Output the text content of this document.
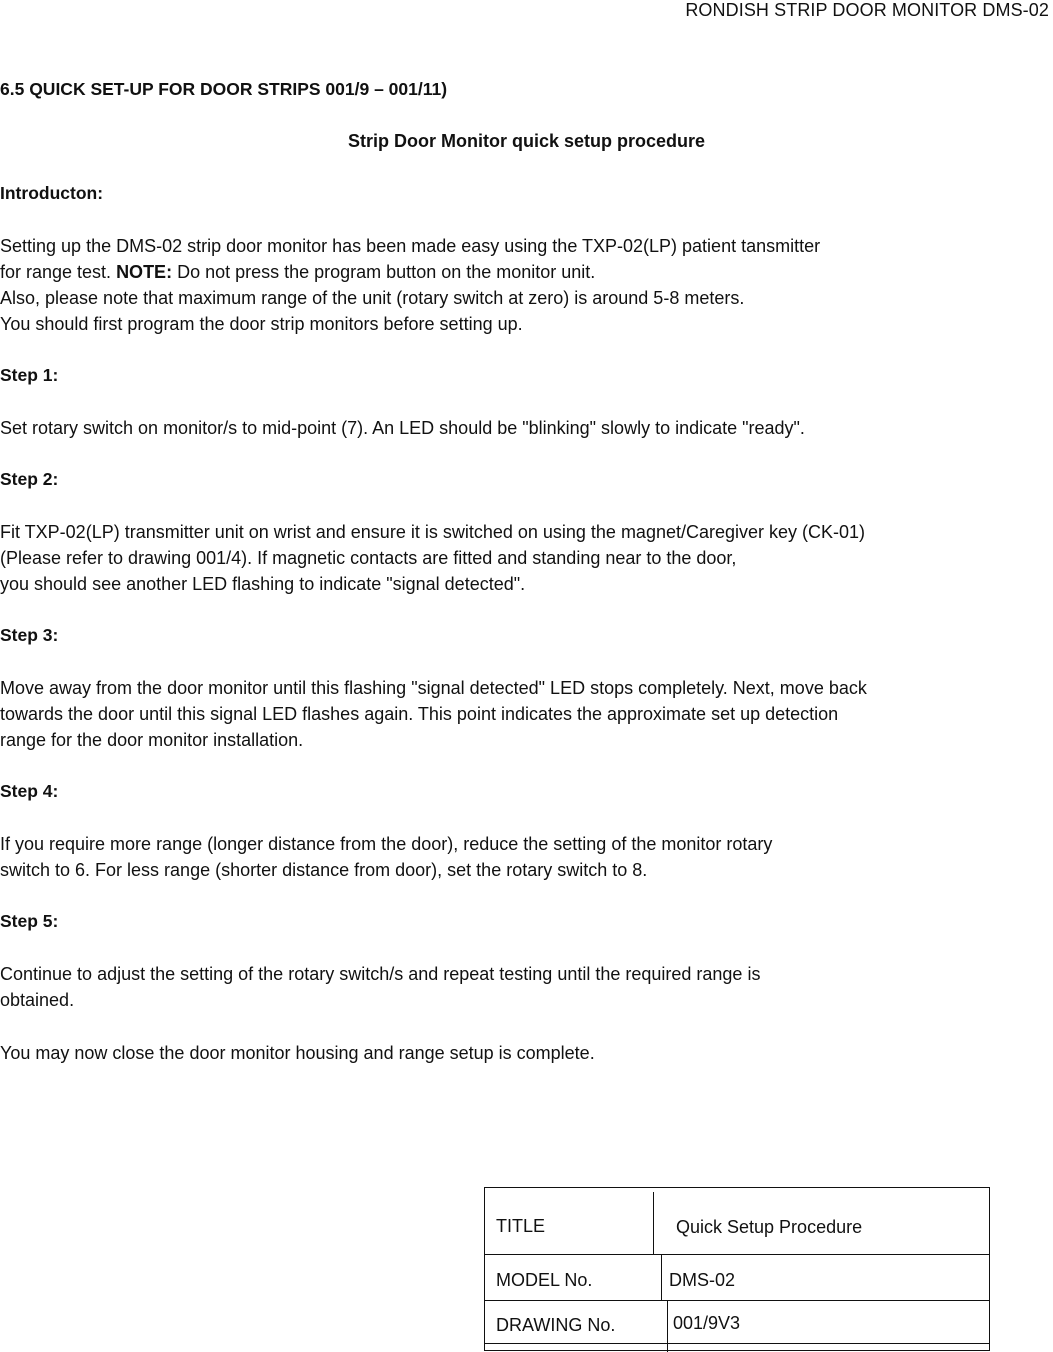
RONDISH STRIP DOOR MONITOR DMS-02
6.5 QUICK SET-UP FOR DOOR STRIPS 001/9 – 001/11)
Strip Door Monitor quick setup procedure
Introducton:
Setting up the DMS-02 strip door monitor has been made easy using the TXP-02(LP) patient tansmitter
for range test. NOTE: Do not press the program button on the monitor unit.
Also, please note that maximum range of the unit (rotary switch at zero) is around 5-8 meters.
You should first program the door strip monitors before setting up.
Step 1:
Set rotary switch on monitor/s to mid-point (7). An LED should be "blinking" slowly to indicate "ready".
Step 2:
Fit TXP-02(LP) transmitter unit on wrist and ensure it is switched on using the magnet/Caregiver key (CK-01)
(Please refer to drawing 001/4). If magnetic contacts are fitted and standing near to the door,
you should see another LED flashing to indicate "signal detected".
Step 3:
Move away from the door monitor until this flashing "signal detected" LED stops completely. Next, move back
towards the door until this signal LED flashes again. This point indicates the approximate set up detection
range for the door monitor installation.
Step 4:
If you require more range (longer distance from the door), reduce the setting of the monitor rotary
switch to 6. For less range (shorter distance from door), set the rotary switch to 8.
Step 5:
Continue to adjust the setting of the rotary switch/s and repeat testing until the required range is
obtained.
You may now close the door monitor housing and range setup is complete.
TITLE	Quick Setup Procedure
MODEL No.	DMS-02
DRAWING No.	001/9V3
